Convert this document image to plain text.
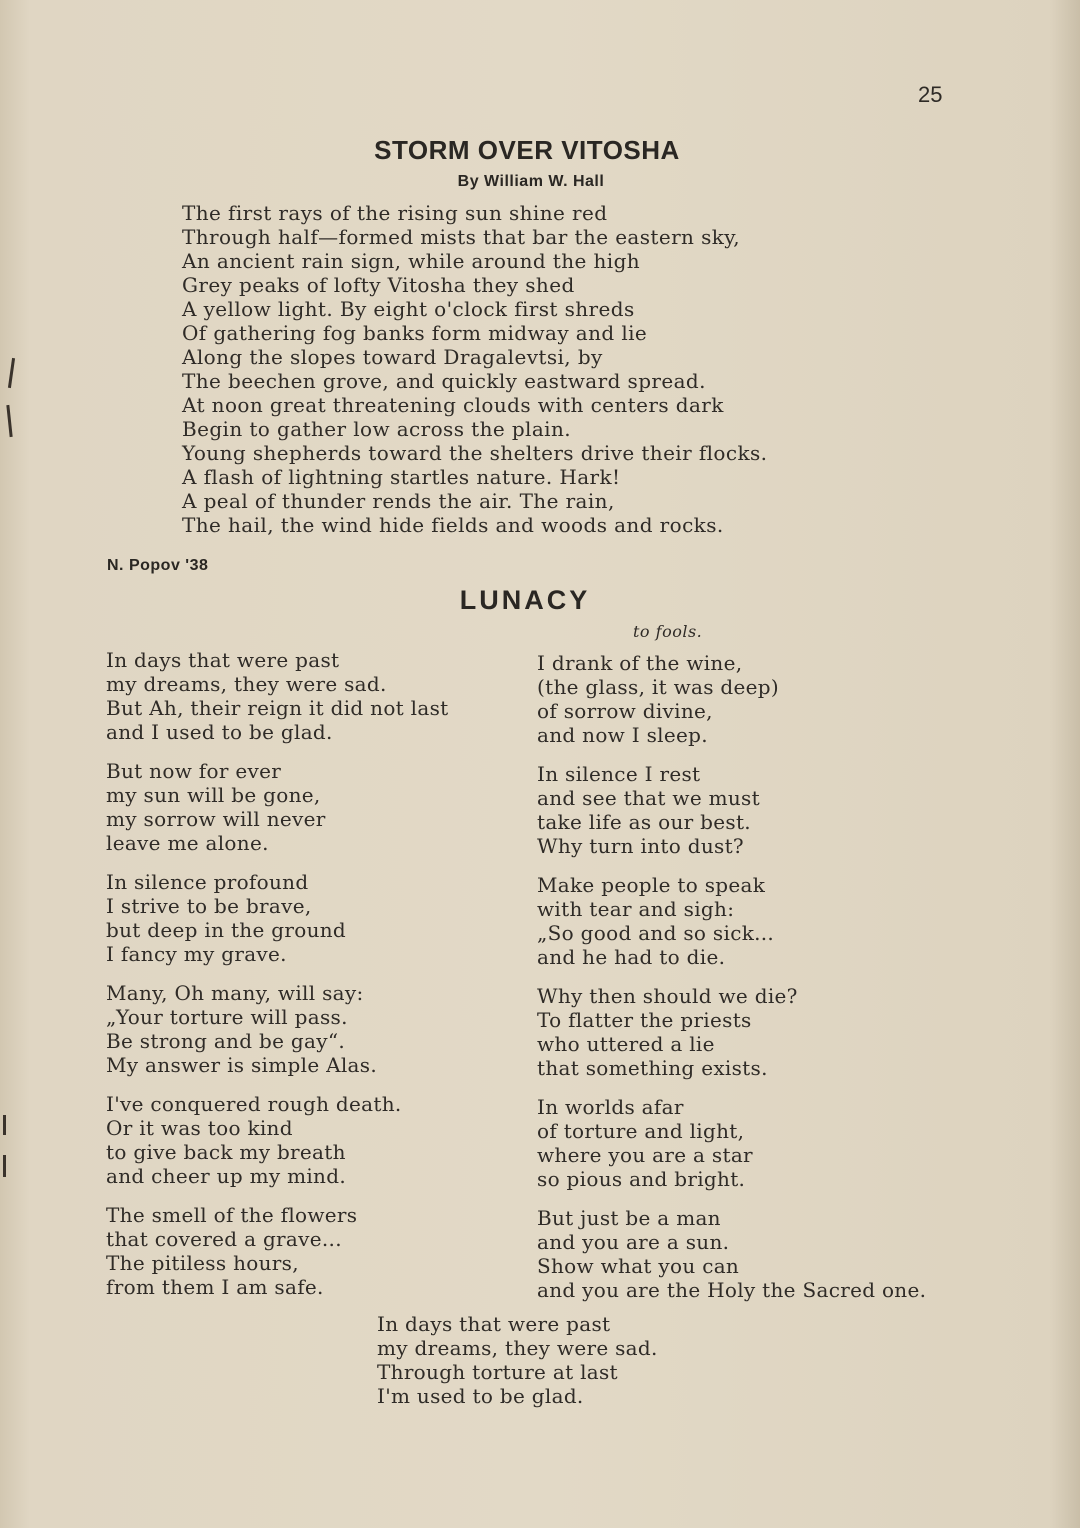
25
STORM OVER VITOSHA
By William W. Hall
The first rays of the rising sun shine red
Through half—formed mists that bar the eastern sky,
An ancient rain sign, while around the high
Grey peaks of lofty Vitosha they shed
A yellow light. By eight o'clock first shreds
Of gathering fog banks form midway and lie
Along the slopes toward Dragalevtsi, by
The beechen grove, and quickly eastward spread.
At noon great threatening clouds with centers dark
Begin to gather low across the plain.
Young shepherds toward the shelters drive their flocks.
A flash of lightning startles nature. Hark!
A peal of thunder rends the air. The rain,
The hail, the wind hide fields and woods and rocks.
N. Popov '38
LUNACY
to fools.
In days that were past
my dreams, they were sad.
But Ah, their reign it did not last
and I used to be glad.
But now for ever
my sun will be gone,
my sorrow will never
leave me alone.
In silence profound
I strive to be brave,
but deep in the ground
I fancy my grave.
Many, Oh many, will say:
„Your torture will pass.
Be strong and be gay“.
My answer is simple Alas.
I've conquered rough death.
Or it was too kind
to give back my breath
and cheer up my mind.
The smell of the flowers
that covered a grave...
The pitiless hours,
from them I am safe.
I drank of the wine,
(the glass, it was deep)
of sorrow divine,
and now I sleep.
In silence I rest
and see that we must
take life as our best.
Why turn into dust?
Make people to speak
with tear and sigh:
„So good and so sick...
and he had to die.
Why then should we die?
To flatter the priests
who uttered a lie
that something exists.
In worlds afar
of torture and light,
where you are a star
so pious and bright.
But just be a man
and you are a sun.
Show what you can
and you are the Holy the Sacred one.
In days that were past
my dreams, they were sad.
Through torture at last
I'm used to be glad.
